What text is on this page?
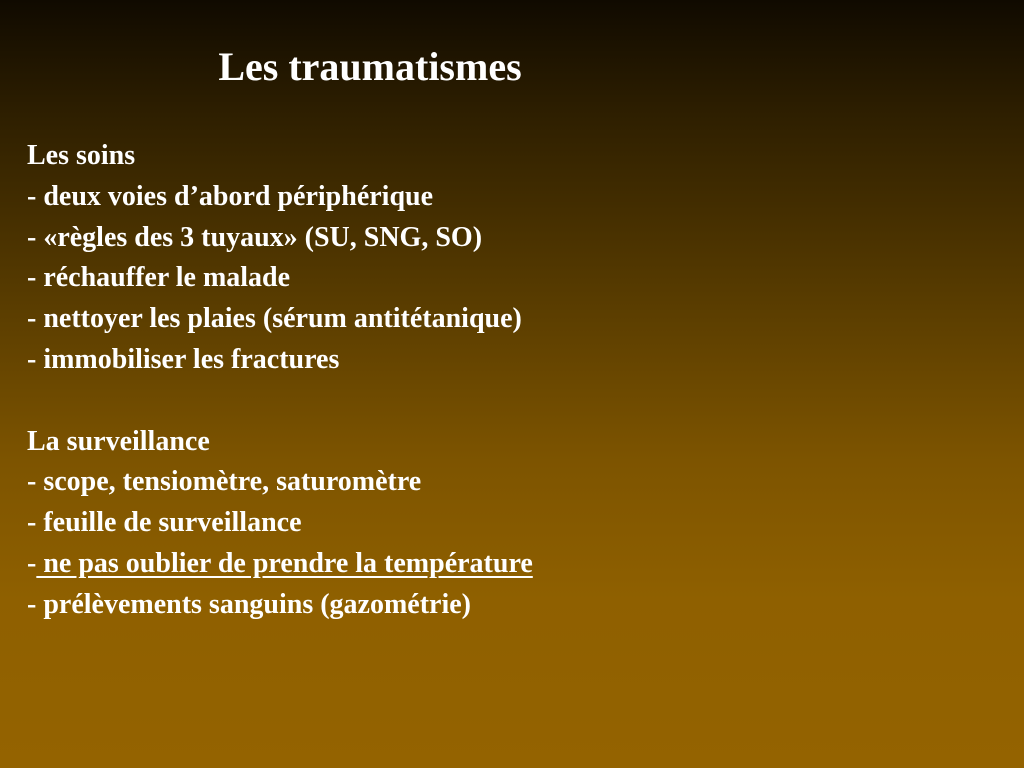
Les traumatismes
Les soins
- deux voies d’abord périphérique
- «règles des 3 tuyaux» (SU, SNG, SO)
- réchauffer le malade
- nettoyer les plaies (sérum antitétanique)
- immobiliser les fractures
La surveillance
- scope, tensiomètre, saturomètre
- feuille de surveillance
- ne pas oublier de prendre la température
- prélèvements sanguins (gazométrie)
